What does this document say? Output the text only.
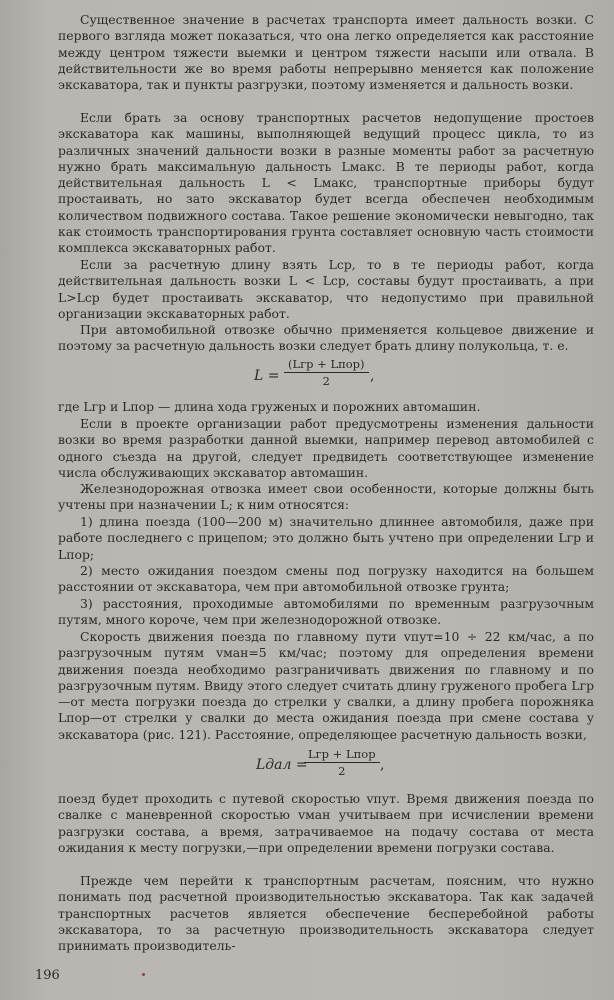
Существенное значение в расчетах транспорта имеет дальность возки. С первого взгляда может показаться, что она легко определяется как расстояние между центром тяжести выемки и центром тяжести насыпи или отвала. В действительности же во время работы непрерывно меняется как положение экскаватора, так и пункты разгрузки, поэтому изменяется и дальность возки.

Если брать за основу транспортных расчетов недопущение простоев экскаватора как машины, выполняющей ведущий процесс цикла, то из различных значений дальности возки в разные моменты работ за расчетную нужно брать максимальную дальность Lмакс. В те периоды работ, когда действительная дальность L < Lмакс, транспортные приборы будут простаивать, но зато экскаватор будет всегда обеспечен необходимым количеством подвижного состава. Такое решение экономически невыгодно, так как стоимость транспортирования грунта составляет основную часть стоимости комплекса экскаваторных работ.

Если за расчетную длину взять Lср, то в те периоды работ, когда действительная дальность возки L < Lср, составы будут простаивать, а при L>Lср будет простаивать экскаватор, что недопустимо при правильной организации экскаваторных работ.

При автомобильной отвозке обычно применяется кольцевое движение и поэтому за расчетную дальность возки следует брать длину полукольца, т. е.

L =
(Lгр + Lпор)
2	,

где Lгр и Lпор — длина хода груженых и порожних автомашин.

Если в проекте организации работ предусмотрены изменения дальности возки во время разработки данной выемки, например перевод автомобилей с одного съезда на другой, следует предвидеть соответствующее изменение числа обслуживающих экскаватор автомашин.

Железнодорожная отвозка имеет свои особенности, которые должны быть учтены при назначении L; к ним относятся:

1) длина поезда (100—200 м) значительно длиннее автомобиля, даже при работе последнего с прицепом; это должно быть учтено при определении Lгр и Lпор;

2) место ожидания поездом смены под погрузку находится на большем расстоянии от экскаватора, чем при автомобильной отвозке грунта;

3) расстояния, проходимые автомобилями по временным разгрузочным путям, много короче, чем при железнодорожной отвозке.

Скорость движения поезда по главному пути vпут=10 ÷ 22 км/час, а по разгрузочным путям vман=5 км/час; поэтому для определения времени движения поезда необходимо разграничивать движения по главному и по разгрузочным путям. Ввиду этого следует считать длину груженого пробега Lгр—от места погрузки поезда до стрелки у свалки, а длину пробега порожняка Lпор—от стрелки у свалки до места ожидания поезда при смене состава у экскаватора (рис. 121). Расстояние, определяющее расчетную дальность возки,

Lдал =
Lгр + Lпор
2	,

поезд будет проходить с путевой скоростью vпут. Время движения поезда по свалке с маневренной скоростью vман учитываем при исчислении времени разгрузки состава, а время, затрачиваемое на подачу состава от места ожидания к месту погрузки,—при определении времени погрузки состава.

Прежде чем перейти к транспортным расчетам, поясним, что нужно понимать под расчетной производительностью экскаватора. Так как задачей транспортных расчетов является обеспечение бесперебойной работы экскаватора, то за расчетную производительность экскаватора следует принимать производитель-

196
